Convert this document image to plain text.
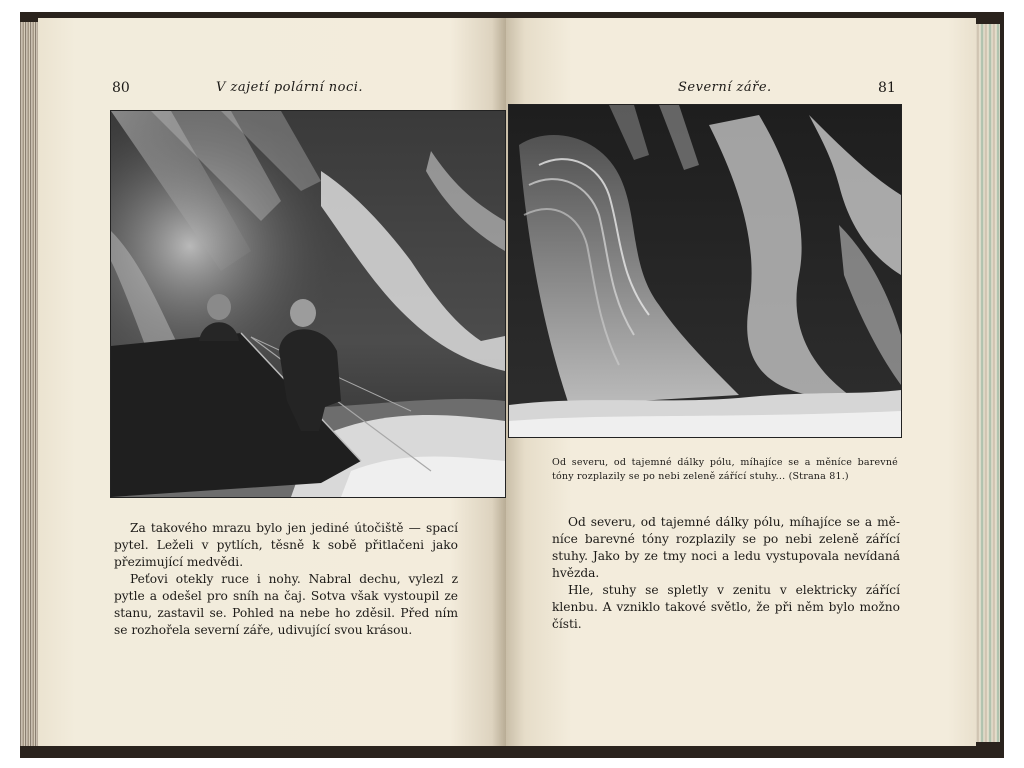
80	V zajetí polární noci.

Za takového mrazu bylo jen jediné útočiště — spací pytel. Leželi v pytlích, těsně k sobě přitlačeni jako přezimující medvědi.

Peťovi otekly ruce i nohy. Nabral dechu, vylezl z pytle a odešel pro sníh na čaj. Sotva však vystoupil ze stanu, zastavil se. Pohled na nebe ho zděsil. Před ním se rozhořela severní záře, udivující svou krásou.

Severní záře.	81
Od severu, od tajemné dálky pólu, míhajíce se a měníce barevné tóny rozplazily se po nebi zeleně zářící stuhy... (Strana 81.)

Od severu, od tajemné dálky pólu, míhajíce se a mě-níce barevné tóny rozplazily se po nebi zeleně zářící stuhy. Jako by ze tmy noci a ledu vystupovala nevídaná hvězda.

Hle, stuhy se spletly v zenitu v elektricky zářící klenbu. A vzniklo takové světlo, že při něm bylo možno čísti.
